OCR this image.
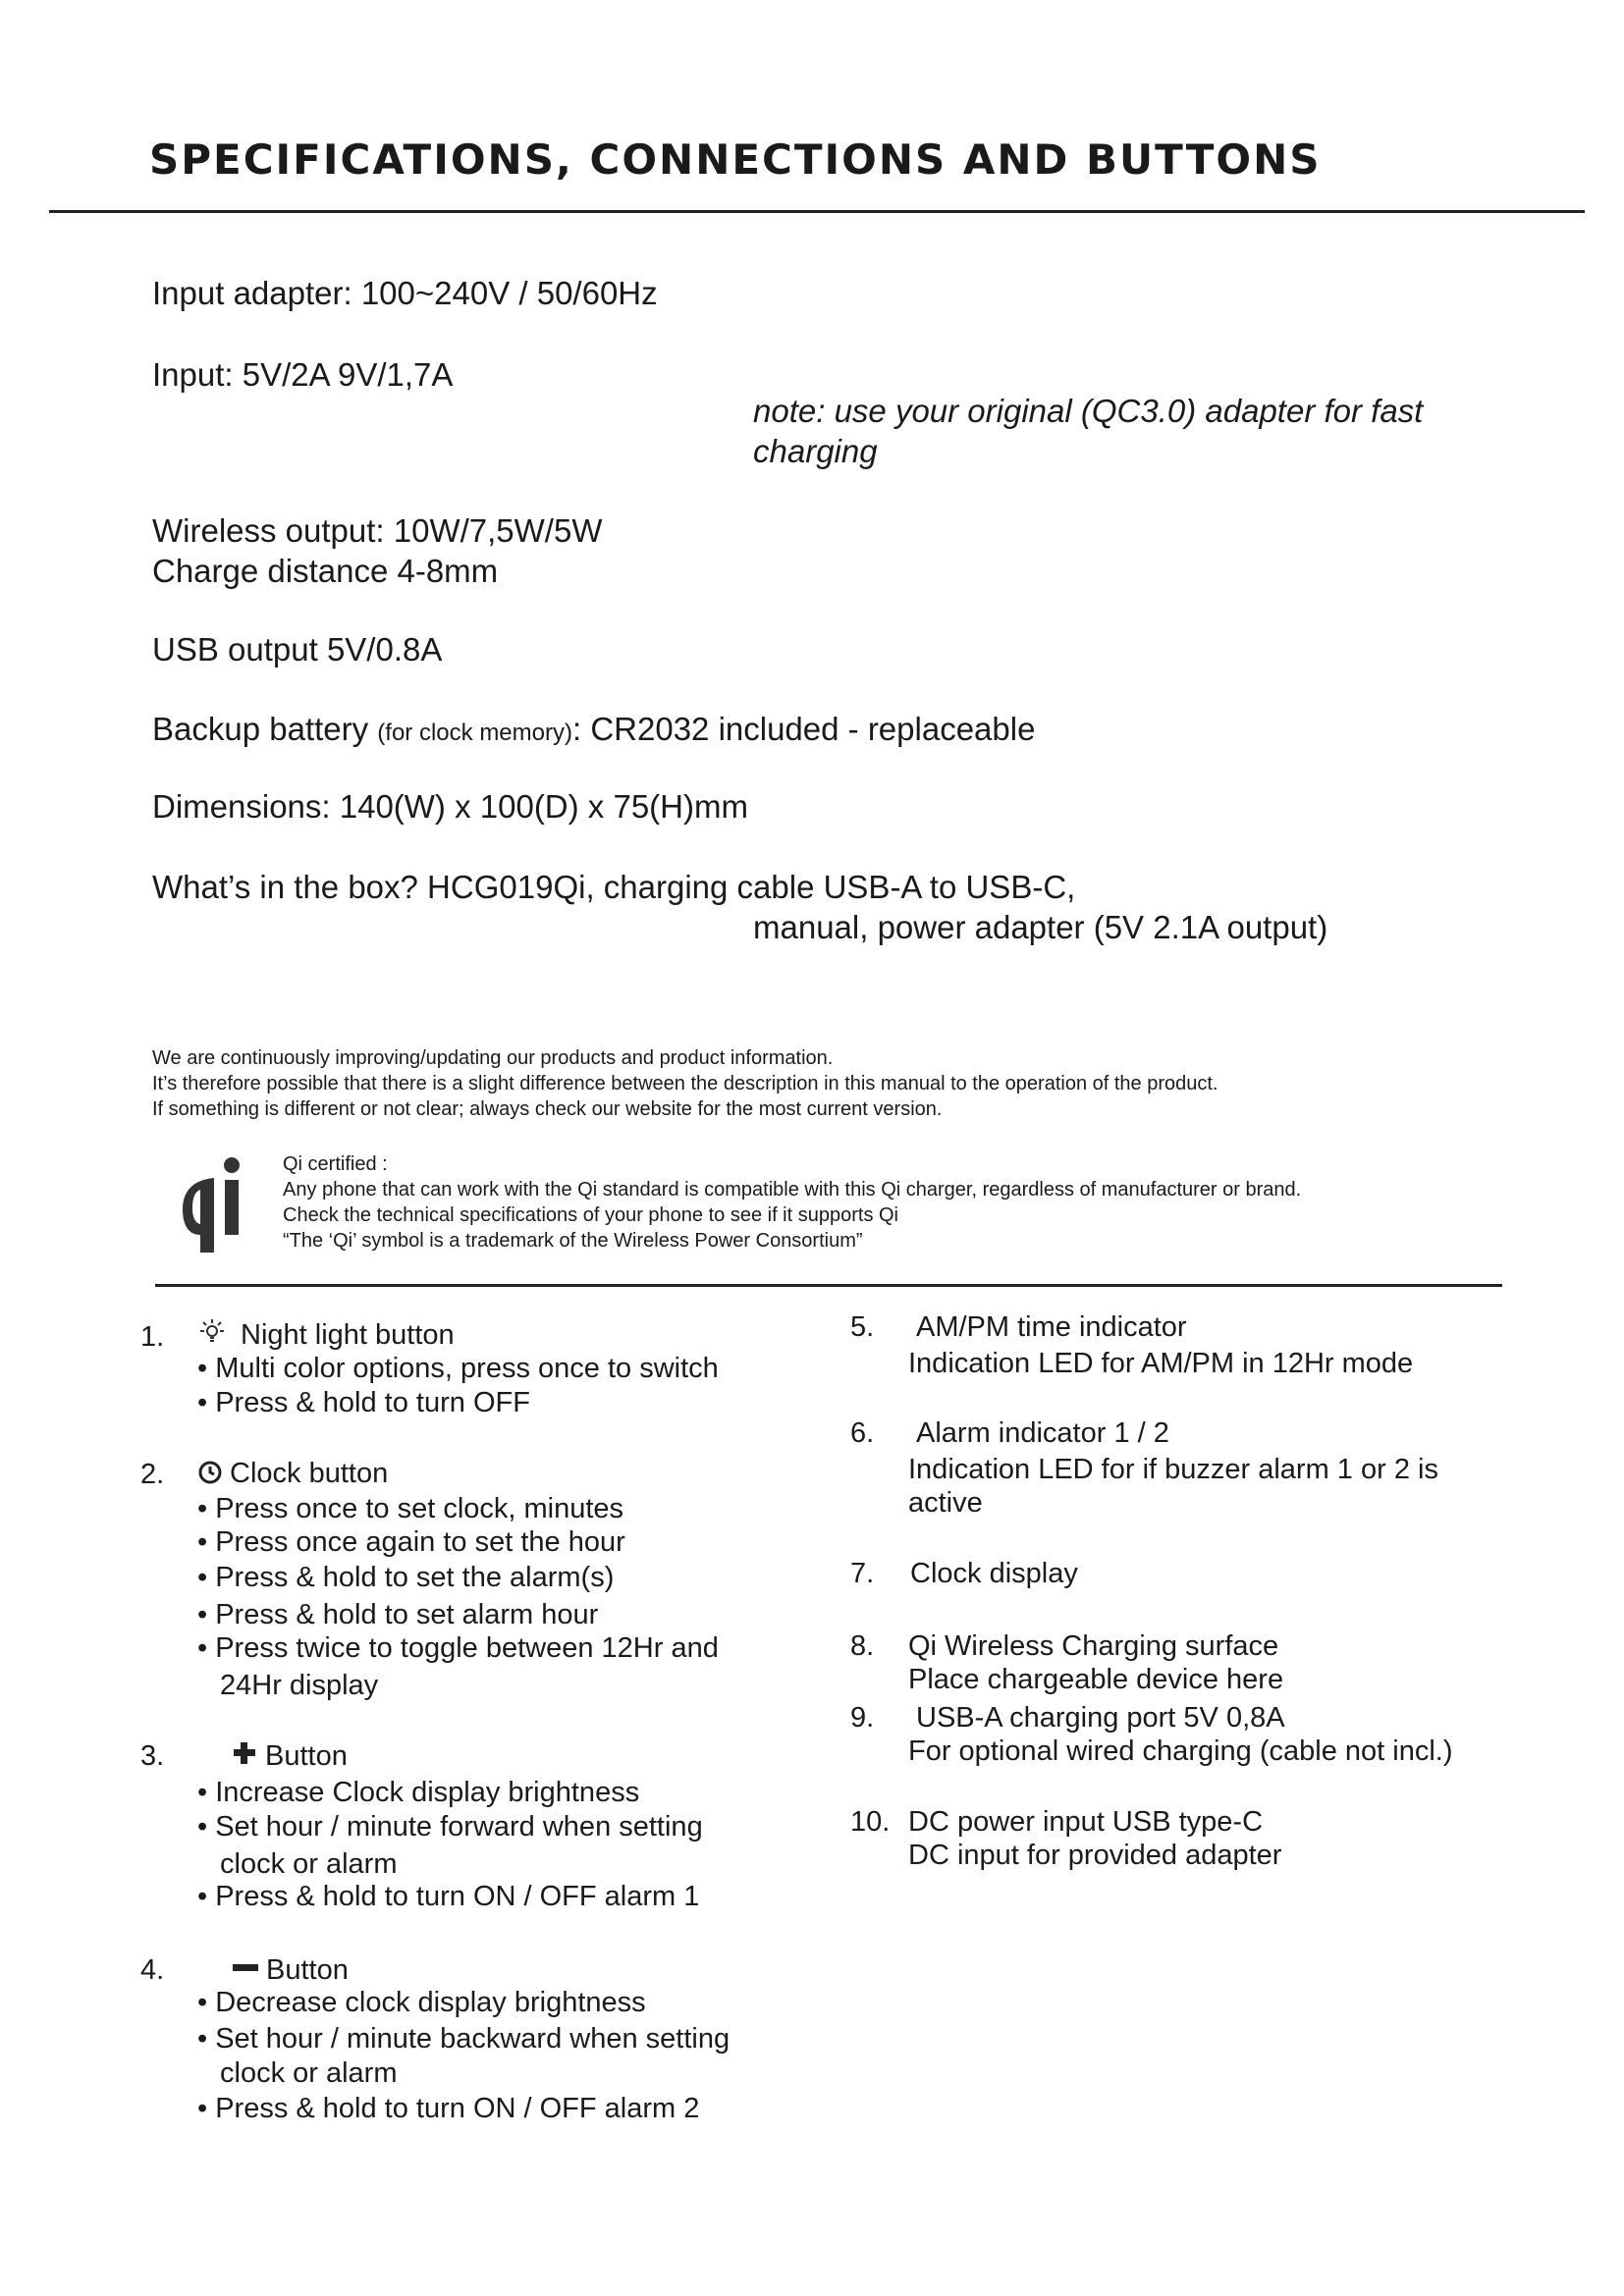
SPECIFICATIONS, CONNECTIONS AND BUTTONS
Input adapter: 100~240V / 50/60Hz
Input: 5V/2A 9V/1,7A
note: use your original (QC3.0) adapter for fast
charging
Wireless output: 10W/7,5W/5W
Charge distance 4-8mm
USB output 5V/0.8A
Backup battery (for clock memory): CR2032 included - replaceable
Dimensions: 140(W) x 100(D) x 75(H)mm
What’s in the box? HCG019Qi, charging cable USB-A to USB-C,
manual, power adapter (5V 2.1A output)
We are continuously improving/updating our products and product information.
It’s therefore possible that there is a slight difference between the description in this manual to the operation of the product.
If something is different or not clear; always check our website for the most current version.
Qi certified :
Any phone that can work with the Qi standard is compatible with this Qi charger, regardless of manufacturer or brand.
Check the technical specifications of your phone to see if it supports Qi
“The ‘Qi’ symbol is a trademark of the Wireless Power Consortium”
1.	Night light button
• Multi color options, press once to switch
• Press & hold to turn OFF
2. Clock button
• Press once to set clock, minutes
• Press once again to set the hour
• Press & hold to set the alarm(s)
• Press & hold to set alarm hour
• Press twice to toggle between 12Hr and
24Hr display
3.	Button
• Increase Clock display brightness
• Set hour / minute forward when setting
clock or alarm
• Press & hold to turn ON / OFF alarm 1
4.	Button
• Decrease clock display brightness
• Set hour / minute backward when setting
clock or alarm
• Press & hold to turn ON / OFF alarm 2
5. AM/PM time indicator
Indication LED for AM/PM in 12Hr mode
6. Alarm indicator 1 / 2
Indication LED for if buzzer alarm 1 or 2 is
active
7. Clock display
8. Qi Wireless Charging surface
Place chargeable device here
9. USB-A charging port 5V 0,8A
For optional wired charging (cable not incl.)
10. DC power input USB type-C
DC input for provided adapter
